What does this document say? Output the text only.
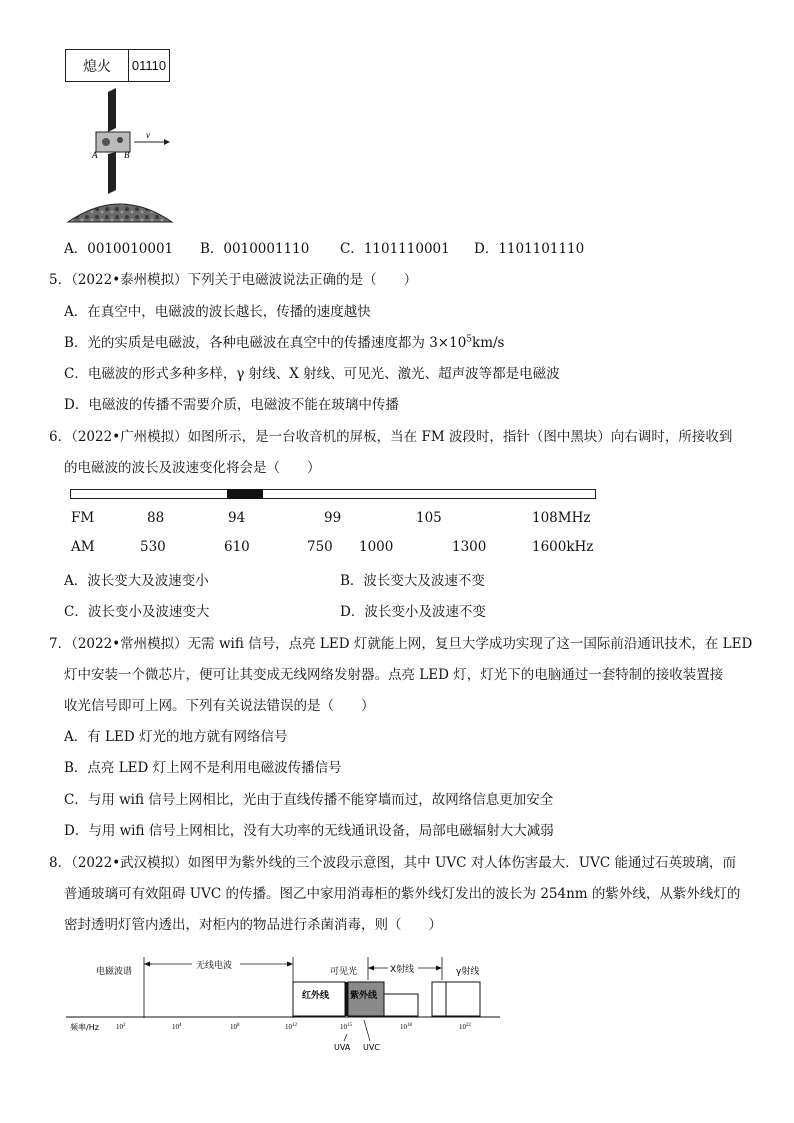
熄火	01110
A	B
v
A．0010010001 B．0010001110 C．1101110001 D．1101101110
5．（2022•泰州模拟）下列关于电磁波说法正确的是（　　）
A．在真空中，电磁波的波长越长，传播的速度越快
B．光的实质是电磁波，各种电磁波在真空中的传播速度都为 $3\times 10^5km/s$
C．电磁波的形式多种多样，γ 射线、X 射线、可见光、激光、超声波等都是电磁波
D．电磁波的传播不需要介质，电磁波不能在玻璃中传播
6．（2022•广州模拟）如图所示，是一台收音机的屏板，当在 FM 波段时，指针（图中黑块）向右调时，所接收到
的电磁波的波长及波速变化将会是（　　）
FM	88	94	99	105	108MHz
AM	530	610	750 1000	1300	1600kHz
A．波长变大及波速变小	B．波长变大及波速不变
C．波长变小及波速变大	D．波长变小及波速不变
7．（2022•常州模拟）无需 wifi 信号，点亮 LED 灯就能上网，复旦大学成功实现了这一国际前沿通讯技术，在 LED
灯中安装一个微芯片，便可让其变成无线网络发射器。点亮 LED 灯，灯光下的电脑通过一套特制的接收装置接
收光信号即可上网。下列有关说法错误的是（　　）
A．有 LED 灯光的地方就有网络信号
B．点亮 LED 灯上网不是利用电磁波传播信号
C．与用 wifi 信号上网相比，光由于直线传播不能穿墙而过，故网络信息更加安全
D．与用 wifi 信号上网相比，没有大功率的无线通讯设备，局部电磁辐射大大减弱
8．（2022•武汉模拟）如图甲为紫外线的三个波段示意图，其中 UVC 对人体伤害最大．UVC 能通过石英玻璃，而
普通玻璃可有效阻碍 UVC 的传播。图乙中家用消毒柜的紫外线灯发出的波长为 254nm 的紫外线，从紫外线灯的
密封透明灯管内透出，对柜内的物品进行杀菌消毒，则（　　）
电磁波谱
无线电波
可见光	X射线	γ射线
红外线 紫外线
频率/Hz $10^2$	$10^4$	$10^8$	$10^{12}$	$10^{15}$	$10^{18}$	$10^{22}$
UVA UVC
